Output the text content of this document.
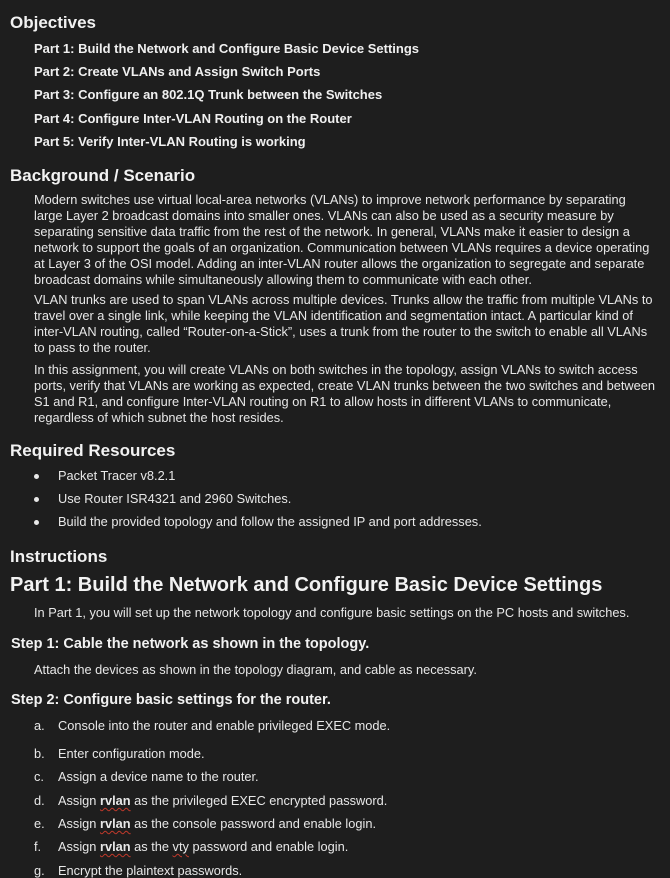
Objectives
Part 1: Build the Network and Configure Basic Device Settings
Part 2: Create VLANs and Assign Switch Ports
Part 3: Configure an 802.1Q Trunk between the Switches
Part 4: Configure Inter-VLAN Routing on the Router
Part 5: Verify Inter-VLAN Routing is working
Background / Scenario
Modern switches use virtual local-area networks (VLANs) to improve network performance by separating
large Layer 2 broadcast domains into smaller ones. VLANs can also be used as a security measure by
separating sensitive data traffic from the rest of the network. In general, VLANs make it easier to design a
network to support the goals of an organization. Communication between VLANs requires a device operating
at Layer 3 of the OSI model. Adding an inter-VLAN router allows the organization to segregate and separate
broadcast domains while simultaneously allowing them to communicate with each other.
VLAN trunks are used to span VLANs across multiple devices. Trunks allow the traffic from multiple VLANs to
travel over a single link, while keeping the VLAN identification and segmentation intact. A particular kind of
inter-VLAN routing, called “Router-on-a-Stick”, uses a trunk from the router to the switch to enable all VLANs
to pass to the router.
In this assignment, you will create VLANs on both switches in the topology, assign VLANs to switch access
ports, verify that VLANs are working as expected, create VLAN trunks between the two switches and between
S1 and R1, and configure Inter-VLAN routing on R1 to allow hosts in different VLANs to communicate,
regardless of which subnet the host resides.
Required Resources
Packet Tracer v8.2.1
Use Router ISR4321 and 2960 Switches.
Build the provided topology and follow the assigned IP and port addresses.
Instructions
Part 1: Build the Network and Configure Basic Device Settings
In Part 1, you will set up the network topology and configure basic settings on the PC hosts and switches.
Step 1: Cable the network as shown in the topology.
Attach the devices as shown in the topology diagram, and cable as necessary.
Step 2: Configure basic settings for the router.
a. Console into the router and enable privileged EXEC mode.
b. Enter configuration mode.
c. Assign a device name to the router.
d. Assign rvlan as the privileged EXEC encrypted password.
e. Assign rvlan as the console password and enable login.
f. Assign rvlan as the vty password and enable login.
g. Encrypt the plaintext passwords.
